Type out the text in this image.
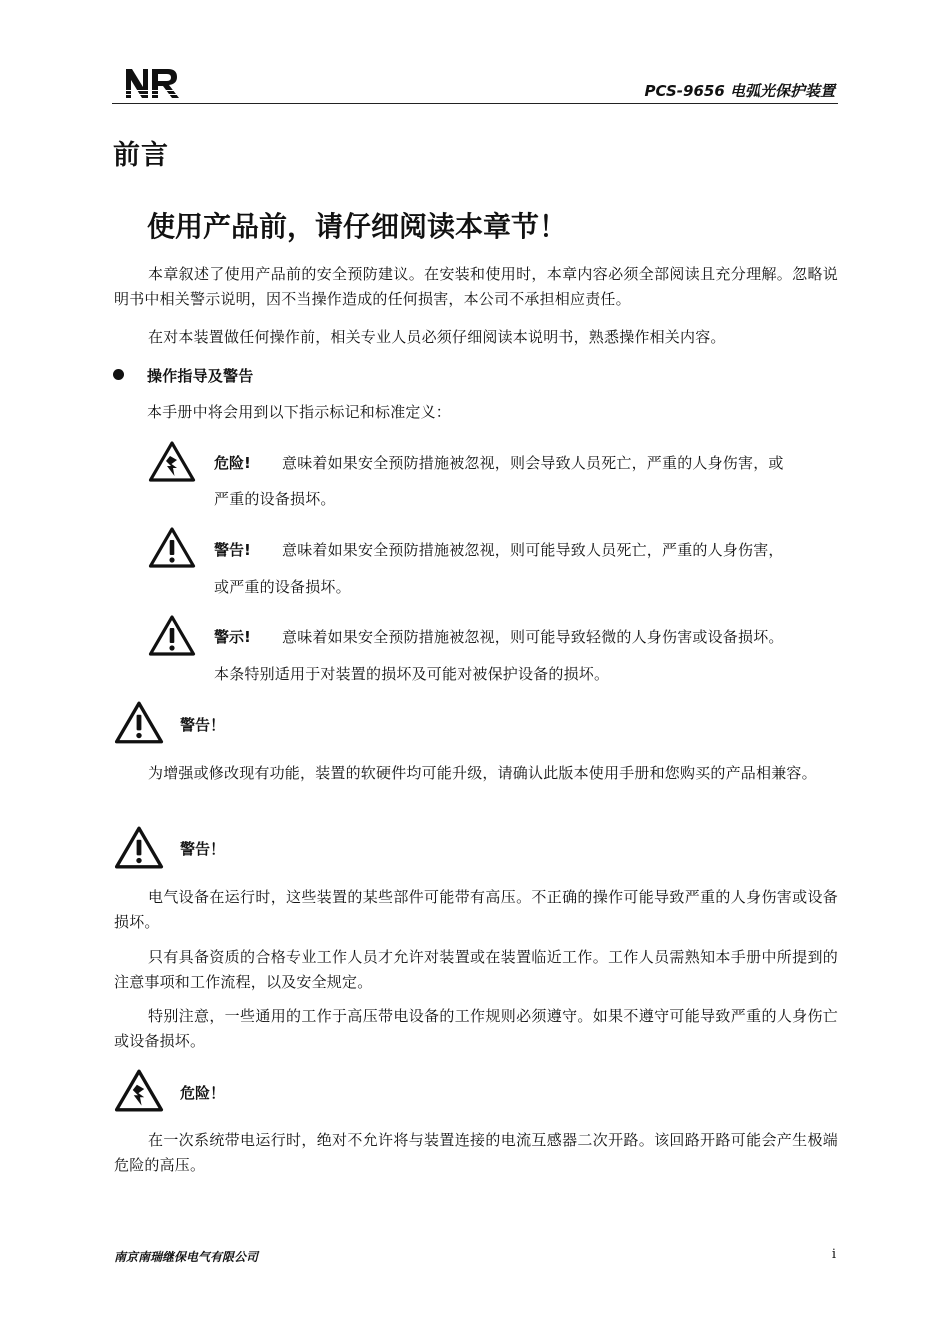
PCS-9656 电弧光保护装置
前言
使用产品前，请仔细阅读本章节！
本章叙述了使用产品前的安全预防建议。在安装和使用时，本章内容必须全部阅读且充分理解。忽略说明书中相关警示说明，因不当操作造成的任何损害，本公司不承担相应责任。
在对本装置做任何操作前，相关专业人员必须仔细阅读本说明书，熟悉操作相关内容。
操作指导及警告
本手册中将会用到以下指示标记和标准定义：
危险! 意味着如果安全预防措施被忽视，则会导致人员死亡，严重的人身伤害，或
严重的设备损坏。
警告! 意味着如果安全预防措施被忽视，则可能导致人员死亡，严重的人身伤害，
或严重的设备损坏。
警示! 意味着如果安全预防措施被忽视，则可能导致轻微的人身伤害或设备损坏。
本条特别适用于对装置的损坏及可能对被保护设备的损坏。
警告！
为增强或修改现有功能，装置的软硬件均可能升级，请确认此版本使用手册和您购买的产品相兼容。
警告！
电气设备在运行时，这些装置的某些部件可能带有高压。不正确的操作可能导致严重的人身伤害或设备损坏。
只有具备资质的合格专业工作人员才允许对装置或在装置临近工作。工作人员需熟知本手册中所提到的注意事项和工作流程，以及安全规定。
特别注意，一些通用的工作于高压带电设备的工作规则必须遵守。如果不遵守可能导致严重的人身伤亡或设备损坏。
危险！
在一次系统带电运行时，绝对不允许将与装置连接的电流互感器二次开路。该回路开路可能会产生极端危险的高压。
南京南瑞继保电气有限公司	i
